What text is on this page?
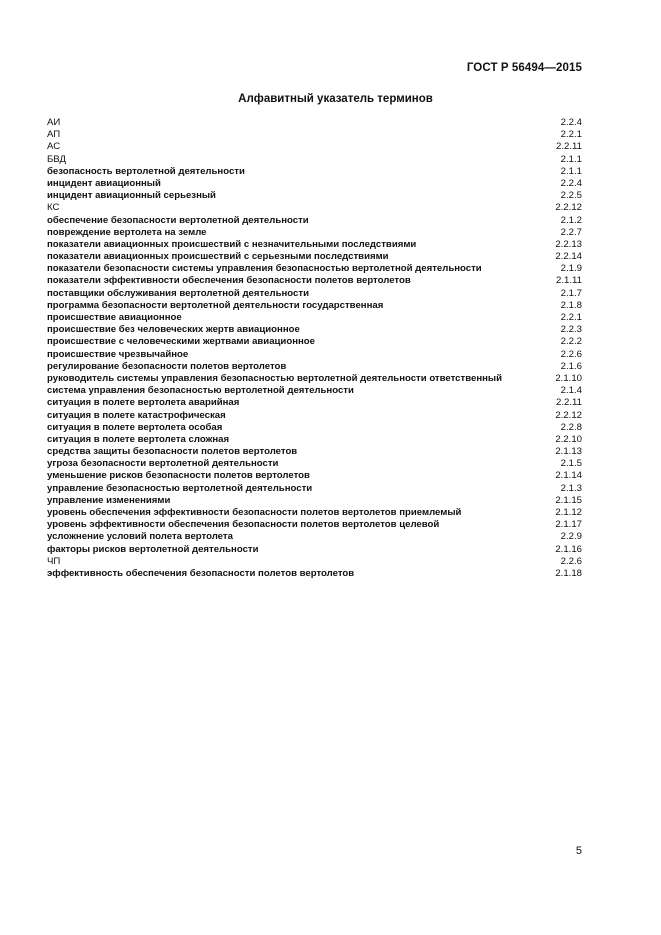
ГОСТ Р 56494—2015
Алфавитный указатель терминов
АИ	2.2.4
АП	2.2.1
АС	2.2.11
БВД	2.1.1
безопасность вертолетной деятельности	2.1.1
инцидент авиационный	2.2.4
инцидент авиационный серьезный	2.2.5
КС	2.2.12
обеспечение безопасности вертолетной деятельности	2.1.2
повреждение вертолета на земле	2.2.7
показатели авиационных происшествий с незначительными последствиями	2.2.13
показатели авиационных происшествий с серьезными последствиями	2.2.14
показатели безопасности системы управления безопасностью вертолетной деятельности	2.1.9
показатели эффективности обеспечения безопасности полетов вертолетов	2.1.11
поставщики обслуживания вертолетной деятельности	2.1.7
программа безопасности вертолетной деятельности государственная	2.1.8
происшествие авиационное	2.2.1
происшествие без человеческих жертв авиационное	2.2.3
происшествие с человеческими жертвами авиационное	2.2.2
происшествие чрезвычайное	2.2.6
регулирование безопасности полетов вертолетов	2.1.6
руководитель системы управления безопасностью вертолетной деятельности ответственный	2.1.10
система управления безопасностью вертолетной деятельности	2.1.4
ситуация в полете вертолета аварийная	2.2.11
ситуация в полете катастрофическая	2.2.12
ситуация в полете вертолета особая	2.2.8
ситуация в полете вертолета сложная	2.2.10
средства защиты безопасности полетов вертолетов	2.1.13
угроза безопасности вертолетной деятельности	2.1.5
уменьшение рисков безопасности полетов вертолетов	2.1.14
управление безопасностью вертолетной деятельности	2.1.3
управление изменениями	2.1.15
уровень обеспечения эффективности безопасности полетов вертолетов приемлемый	2.1.12
уровень эффективности обеспечения безопасности полетов вертолетов целевой	2.1.17
усложнение условий полета вертолета	2.2.9
факторы рисков вертолетной деятельности	2.1.16
ЧП	2.2.6
эффективность обеспечения безопасности полетов вертолетов	2.1.18
5
